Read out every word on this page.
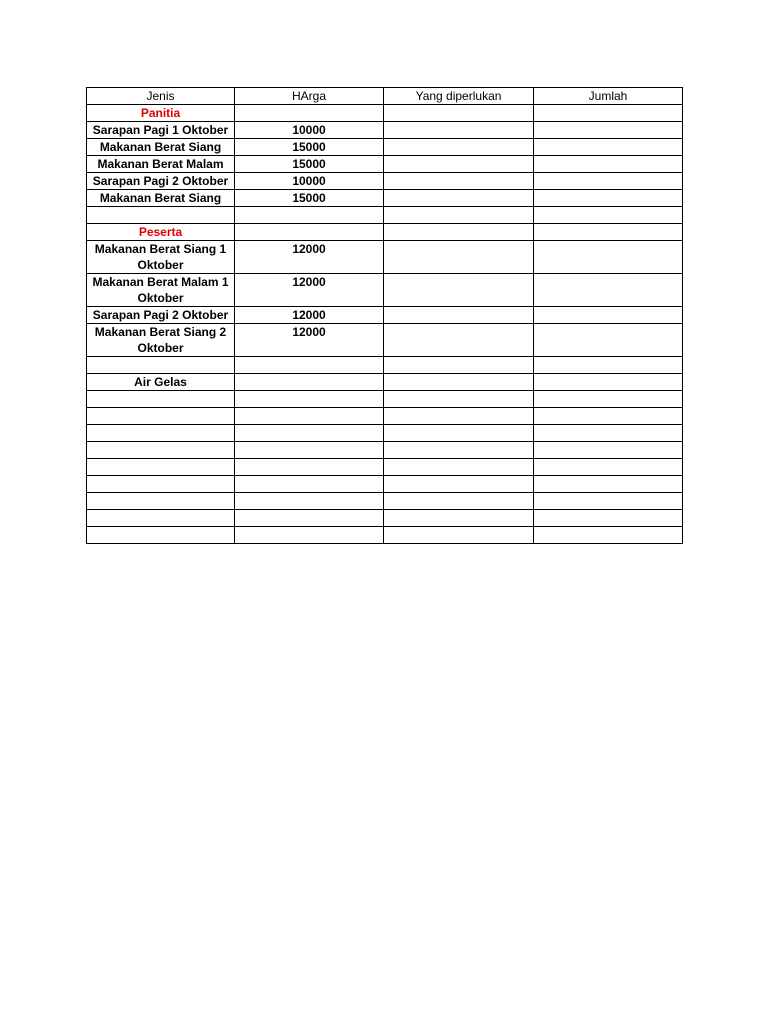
Jenis	HArga	Yang diperlukan	Jumlah
Panitia			
Sarapan Pagi 1 Oktober	10000		
Makanan Berat Siang	15000		
Makanan Berat Malam	15000		
Sarapan Pagi 2 Oktober	10000		
Makanan Berat Siang	15000		

Peserta			
Makanan Berat Siang 1 Oktober	12000		
Makanan Berat Malam 1 Oktober	12000		
Sarapan Pagi 2 Oktober	12000		
Makanan Berat Siang 2 Oktober	12000		

Air Gelas			
